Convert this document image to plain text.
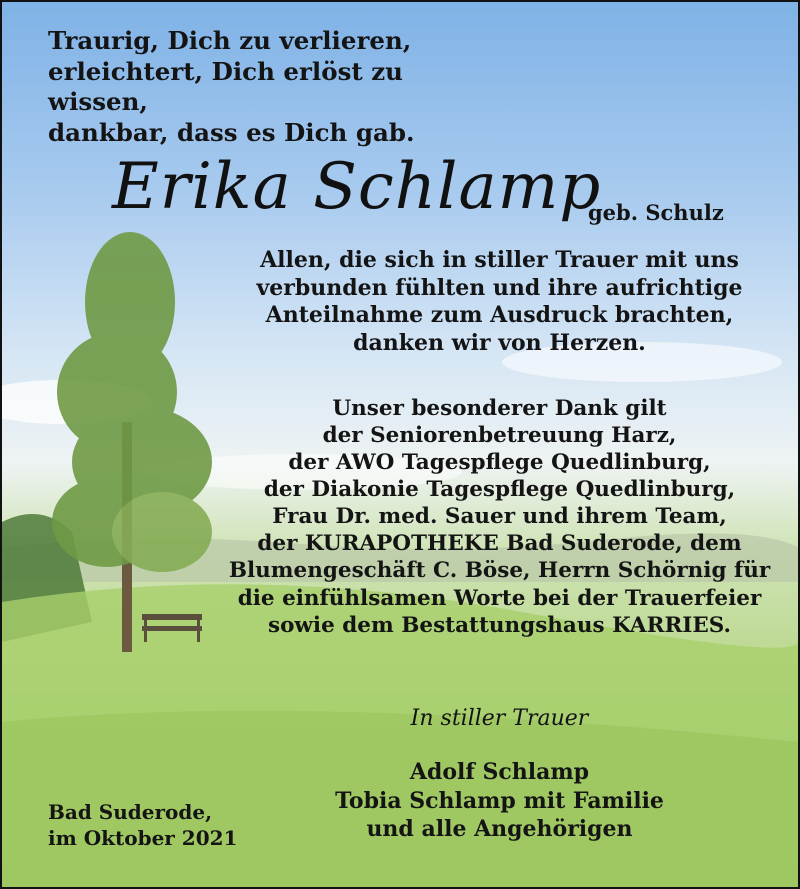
Traurig, Dich zu verlieren,
erleichtert, Dich erlöst zu wissen,
dankbar, dass es Dich gab.
Erika Schlamp
geb. Schulz
Allen, die sich in stiller Trauer mit uns
verbunden fühlten und ihre aufrichtige
Anteilnahme zum Ausdruck brachten,
danken wir von Herzen.
Unser besonderer Dank gilt
der Seniorenbetreuung Harz,
der AWO Tagespflege Quedlinburg,
der Diakonie Tagespflege Quedlinburg,
Frau Dr. med. Sauer und ihrem Team,
der KURAPOTHEKE Bad Suderode, dem
Blumengeschäft C. Böse, Herrn Schörnig für
die einfühlsamen Worte bei der Trauerfeier
sowie dem Bestattungshaus KARRIES.
In stiller Trauer
Adolf Schlamp
Tobia Schlamp mit Familie
und alle Angehörigen
Bad Suderode,
im Oktober 2021
